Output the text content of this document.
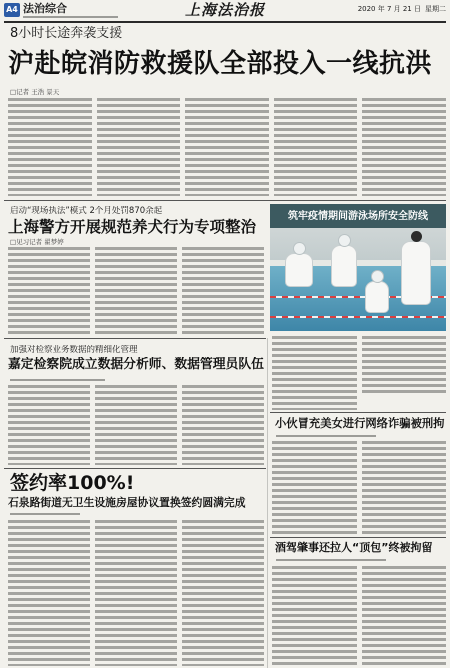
A4 法治综合	上海法治报	2020 年 7 月 21 日 星期二
8小时长途奔袭支援
沪赴皖消防救援队全部投入一线抗洪
□记者 王浩 景天
启动“现场执法”模式 2个月处罚870余起
上海警方开展规范养犬行为专项整治
□见习记者 翟梦婷
筑牢疫情期间游泳场所安全防线
加强对检察业务数据的精细化管理
嘉定检察院成立数据分析师、数据管理员队伍
小伙冒充美女进行网络诈骗被刑拘
签约率100%!
石泉路街道无卫生设施房屋协议置换签约圆满完成
酒驾肇事还拉人“顶包”终被拘留
